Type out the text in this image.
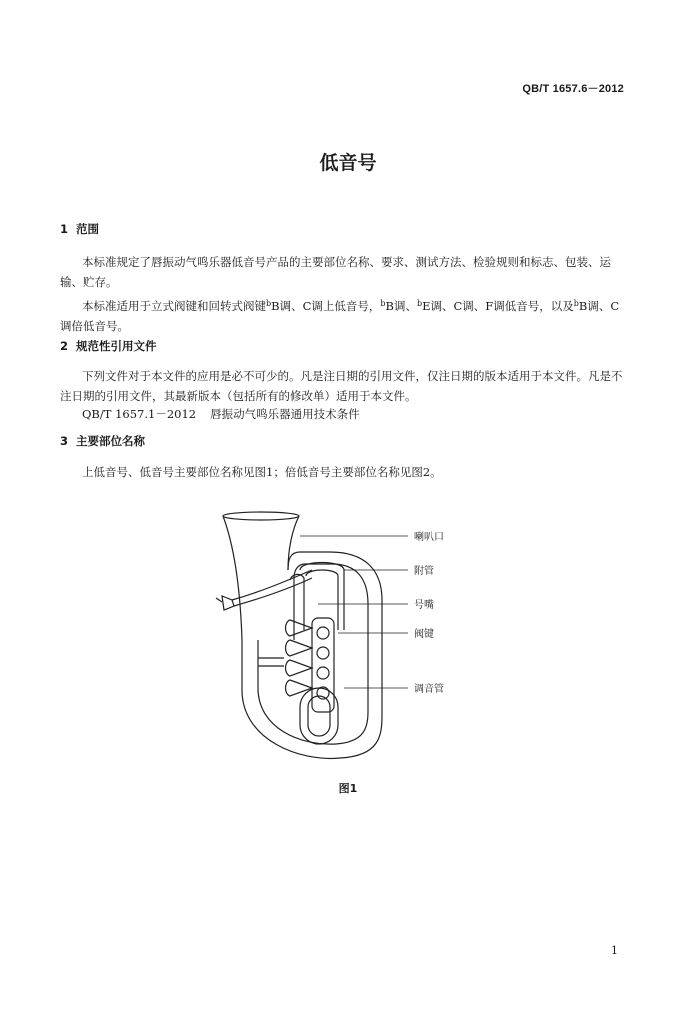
QB/T 1657.6－2012
低音号
1 范围
本标准规定了唇振动气鸣乐器低音号产品的主要部位名称、要求、测试方法、检验规则和标志、包装、运输、贮存。
本标准适用于立式阀键和回转式阀键$^b$B调、C调上低音号，$^b$B调、$^b$E调、C调、F调低音号，以及$^b$B调、C调倍低音号。
2 规范性引用文件
下列文件对于本文件的应用是必不可少的。凡是注日期的引用文件，仅注日期的版本适用于本文件。凡是不注日期的引用文件，其最新版本（包括所有的修改单）适用于本文件。
QB/T 1657.1－2012 唇振动气鸣乐器通用技术条件
3 主要部位名称
上低音号、低音号主要部位名称见图1；倍低音号主要部位名称见图2。
喇叭口
附管
号嘴
阀键
调音管
图1
1
